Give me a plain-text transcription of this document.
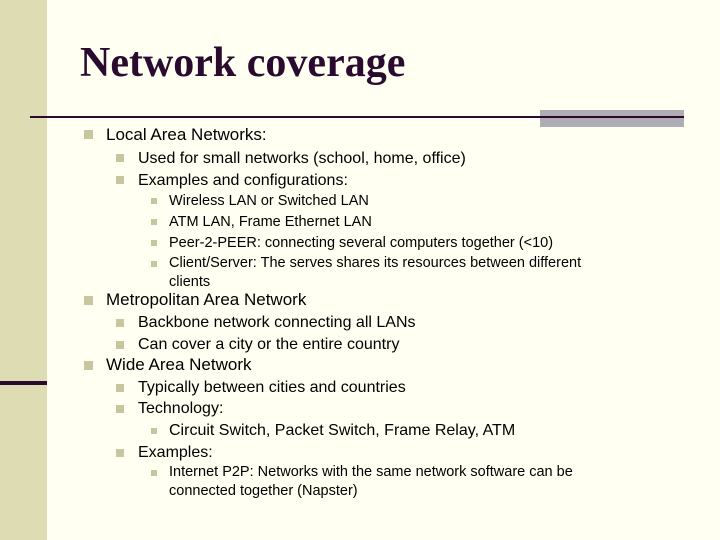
Network coverage
Local Area Networks:
Used for small networks (school, home, office)
Examples and configurations:
Wireless LAN or Switched LAN
ATM LAN, Frame Ethernet LAN
Peer-2-PEER: connecting several computers together (<10)
Client/Server: The serves shares its resources between different
clients
Metropolitan Area Network
Backbone network connecting all LANs
Can cover a city or the entire country
Wide Area Network
Typically between cities and countries
Technology:
Circuit Switch, Packet Switch, Frame Relay, ATM
Examples:
Internet P2P: Networks with the same network software can be
connected together (Napster)
